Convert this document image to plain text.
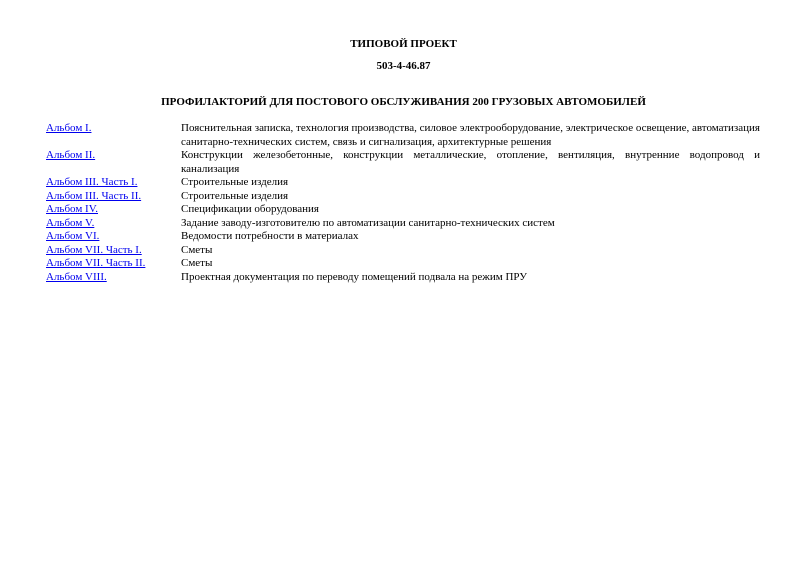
ТИПОВОЙ ПРОЕКТ
503-4-46.87
ПРОФИЛАКТОРИЙ ДЛЯ ПОСТОВОГО ОБСЛУЖИВАНИЯ 200 ГРУЗОВЫХ АВТОМОБИЛЕЙ
Альбом I.	Пояснительная записка, технология производства, силовое электрооборудование, электрическое освещение, автоматизация санитарно-технических систем, связь и сигнализация, архитектурные решения
Альбом II.	Конструкции железобетонные, конструкции металлические, отопление, вентиляция, внутренние водопровод и канализация
Альбом III. Часть I.	Строительные изделия
Альбом III. Часть II.	Строительные изделия
Альбом IV.	Спецификации оборудования
Альбом V.	Задание заводу-изготовителю по автоматизации санитарно-технических систем
Альбом VI.	Ведомости потребности в материалах
Альбом VII. Часть I.	Сметы
Альбом VII. Часть II.	Сметы
Альбом VIII.	Проектная документация по переводу помещений подвала на режим ПРУ
